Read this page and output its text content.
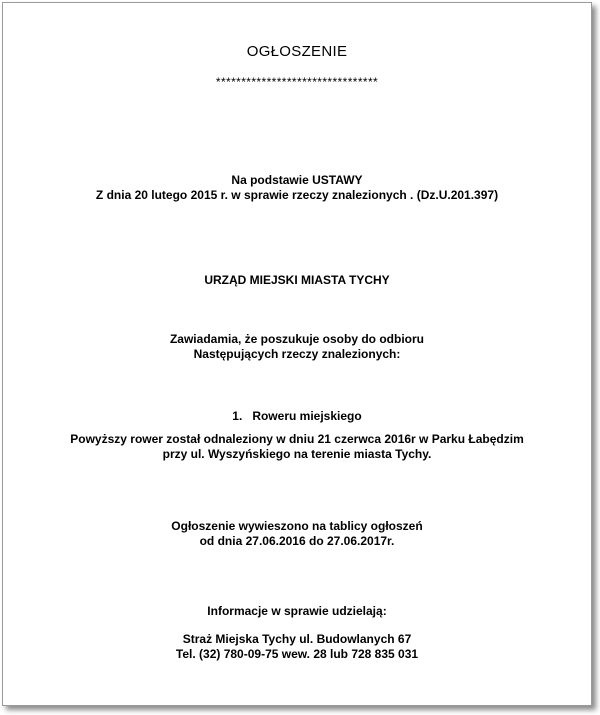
OGŁOSZENIE
********************************
Na podstawie USTAWY
Z dnia 20 lutego 2015 r. w sprawie rzeczy znalezionych . (Dz.U.201.397)
URZĄD MIEJSKI MIASTA TYCHY
Zawiadamia, że poszukuje osoby do odbioru
Następujących rzeczy znalezionych:
1. Roweru miejskiego
Powyższy rower został odnaleziony w dniu 21 czerwca 2016r w Parku Łabędzim
przy ul. Wyszyńskiego na terenie miasta Tychy.
Ogłoszenie wywieszono na tablicy ogłoszeń
od dnia 27.06.2016 do 27.06.2017r.
Informacje w sprawie udzielają:
Straż Miejska Tychy ul. Budowlanych 67
Tel. (32) 780-09-75 wew. 28 lub 728 835 031
